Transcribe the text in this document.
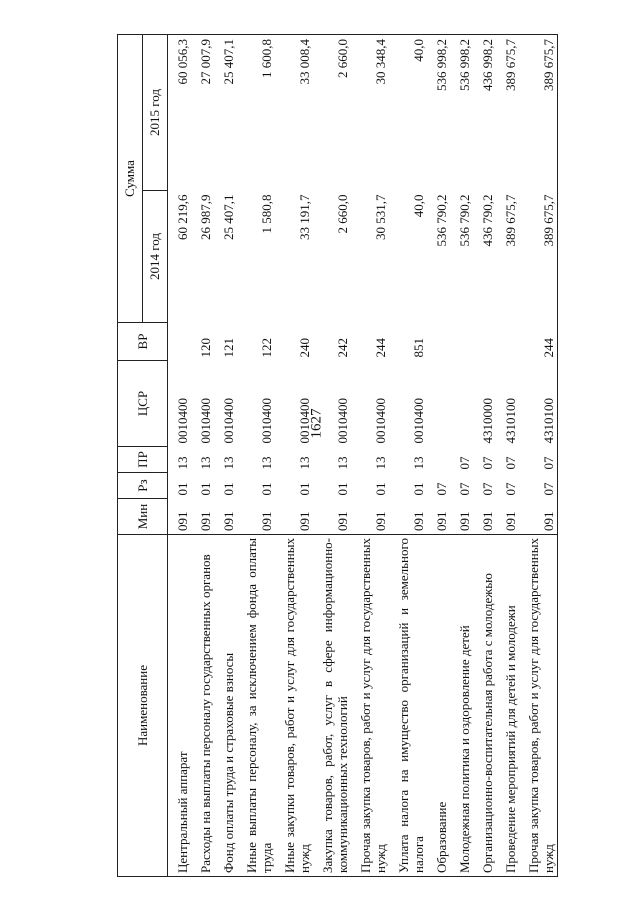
1627
Наименование	Мин	Рз	ПР	ЦСР	ВР	Сумма	
						2014 год	2015 год
Центральный аппарат	091	01	13	0010400		60 219,6	60 056,3
Расходы на выплаты персоналу государственных органов	091	01	13	0010400	120	26 987,9	27 007,9
Фонд оплаты труда и страховые взносы	091	01	13	0010400	121	25 407,1	25 407,1
Иные выплаты персоналу, за исключением фонда оплаты труда	091	01	13	0010400	122	1 580,8	1 600,8
Иные закупки товаров, работ и услуг для государственных нужд	091	01	13	0010400	240	33 191,7	33 008,4
Закупка товаров, работ, услуг в сфере информационно-коммуникационных технологий	091	01	13	0010400	242	2 660,0	2 660,0
Прочая закупка товаров, работ и услуг для государственных нужд	091	01	13	0010400	244	30 531,7	30 348,4
Уплата налога на имущество организаций и земельного налога	091	01	13	0010400	851	40,0	40,0
Образование	091	07				536 790,2	536 998,2
Молодежная политика и оздоровление детей	091	07	07			536 790,2	536 998,2
Организационно-воспитательная работа с молодежью	091	07	07	4310000		436 790,2	436 998,2
Проведение мероприятий для детей и молодежи	091	07	07	4310100		389 675,7	389 675,7
Прочая закупка товаров, работ и услуг для государственных нужд	091	07	07	4310100	244	389 675,7	389 675,7
